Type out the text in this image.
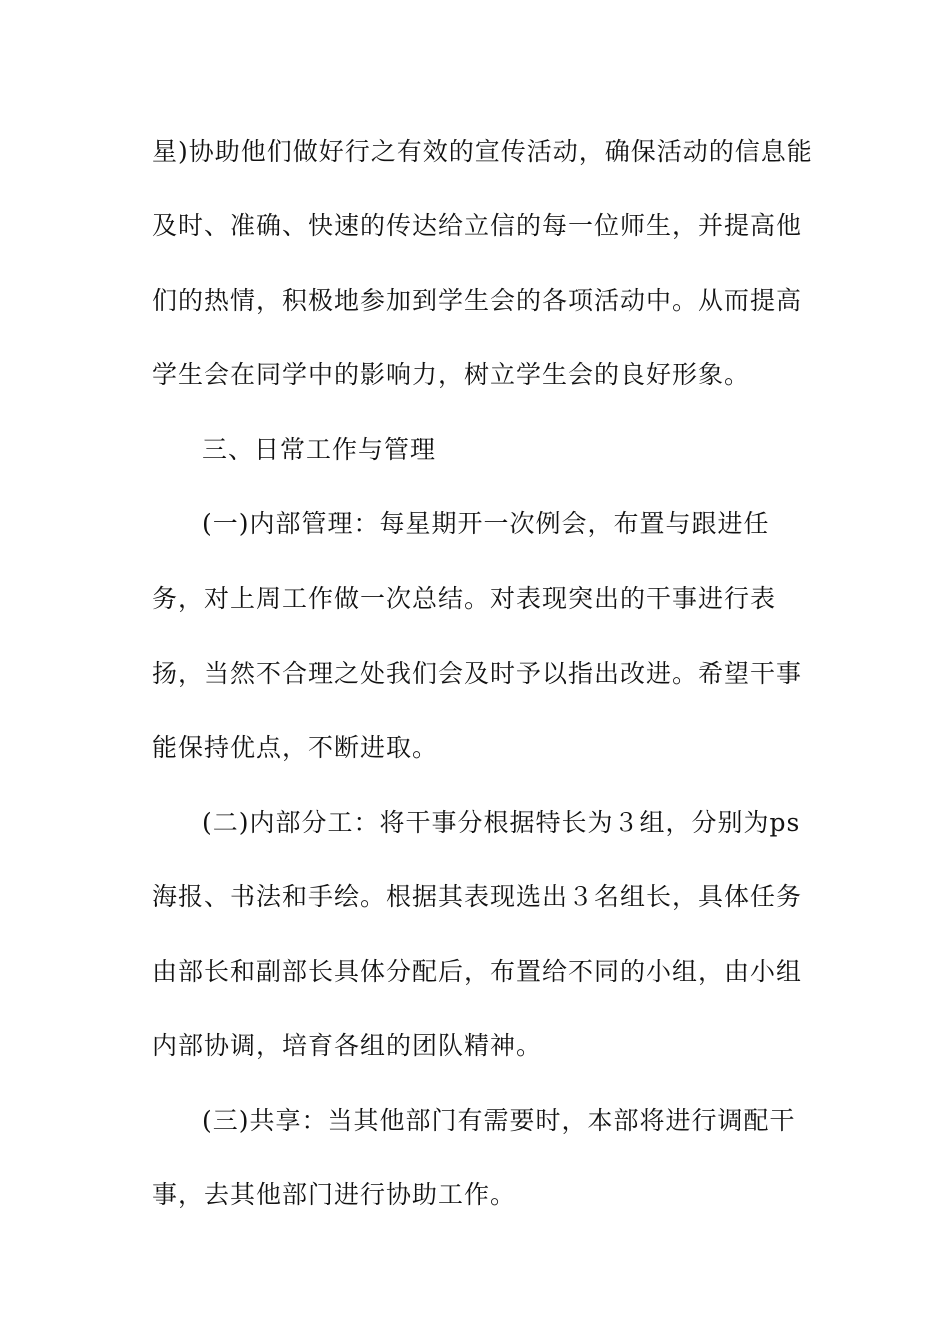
星)协助他们做好行之有效的宣传活动，确保活动的信息能
及时、准确、快速的传达给立信的每一位师生，并提高他
们的热情，积极地参加到学生会的各项活动中。从而提高
学生会在同学中的影响力，树立学生会的良好形象。
三、日常工作与管理
(一)内部管理：每星期开一次例会，布置与跟进任
务，对上周工作做一次总结。对表现突出的干事进行表
扬，当然不合理之处我们会及时予以指出改进。希望干事
能保持优点，不断进取。
(二)内部分工：将干事分根据特长为３组，分别为ps
海报、书法和手绘。根据其表现选出３名组长，具体任务
由部长和副部长具体分配后，布置给不同的小组，由小组
内部协调，培育各组的团队精神。
(三)共享：当其他部门有需要时，本部将进行调配干
事，去其他部门进行协助工作。
